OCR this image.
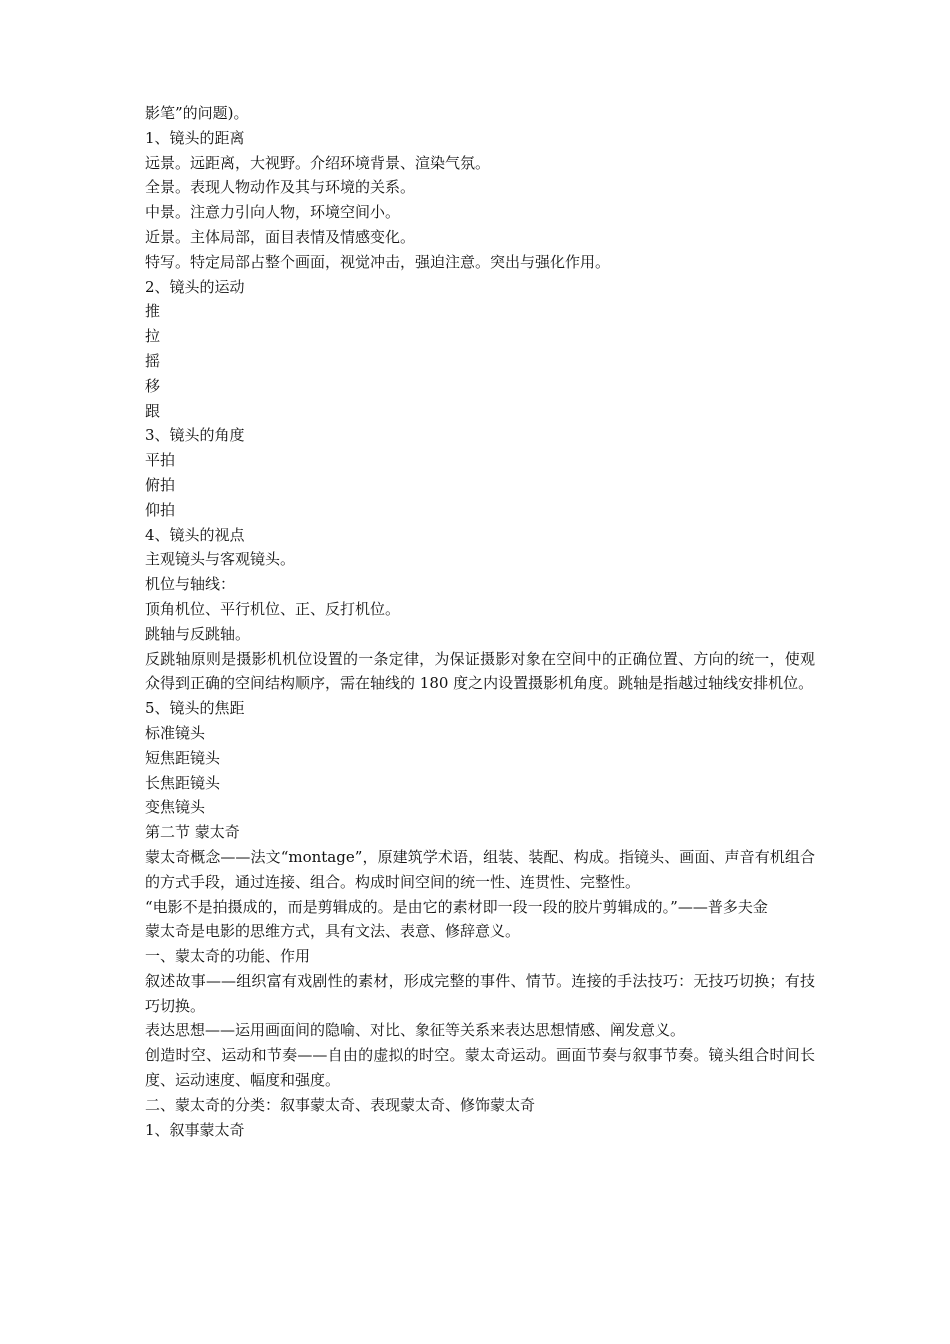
影笔”的问题)。

1、镜头的距离

远景。远距离，大视野。介绍环境背景、渲染气氛。

全景。表现人物动作及其与环境的关系。

中景。注意力引向人物，环境空间小。

近景。主体局部，面目表情及情感变化。

特写。特定局部占整个画面，视觉冲击，强迫注意。突出与强化作用。

2、镜头的运动

推

拉

摇

移

跟

3、镜头的角度

平拍

俯拍

仰拍

4、镜头的视点

主观镜头与客观镜头。

机位与轴线：

顶角机位、平行机位、正、反打机位。

跳轴与反跳轴。

反跳轴原则是摄影机机位设置的一条定律，为保证摄影对象在空间中的正确位置、方向的统一，使观众得到正确的空间结构顺序，需在轴线的 180 度之内设置摄影机角度。跳轴是指越过轴线安排机位。

5、镜头的焦距

标准镜头

短焦距镜头

长焦距镜头

变焦镜头

第二节 蒙太奇

蒙太奇概念——法文“montage”，原建筑学术语，组装、装配、构成。指镜头、画面、声音有机组合的方式手段，通过连接、组合。构成时间空间的统一性、连贯性、完整性。

“电影不是拍摄成的，而是剪辑成的。是由它的素材即一段一段的胶片剪辑成的。”——普多夫金

蒙太奇是电影的思维方式，具有文法、表意、修辞意义。

一、蒙太奇的功能、作用

叙述故事——组织富有戏剧性的素材，形成完整的事件、情节。连接的手法技巧：无技巧切换；有技巧切换。

表达思想——运用画面间的隐喻、对比、象征等关系来表达思想情感、阐发意义。

创造时空、运动和节奏——自由的虚拟的时空。蒙太奇运动。画面节奏与叙事节奏。镜头组合时间长度、运动速度、幅度和强度。

二、蒙太奇的分类：叙事蒙太奇、表现蒙太奇、修饰蒙太奇

1、叙事蒙太奇
